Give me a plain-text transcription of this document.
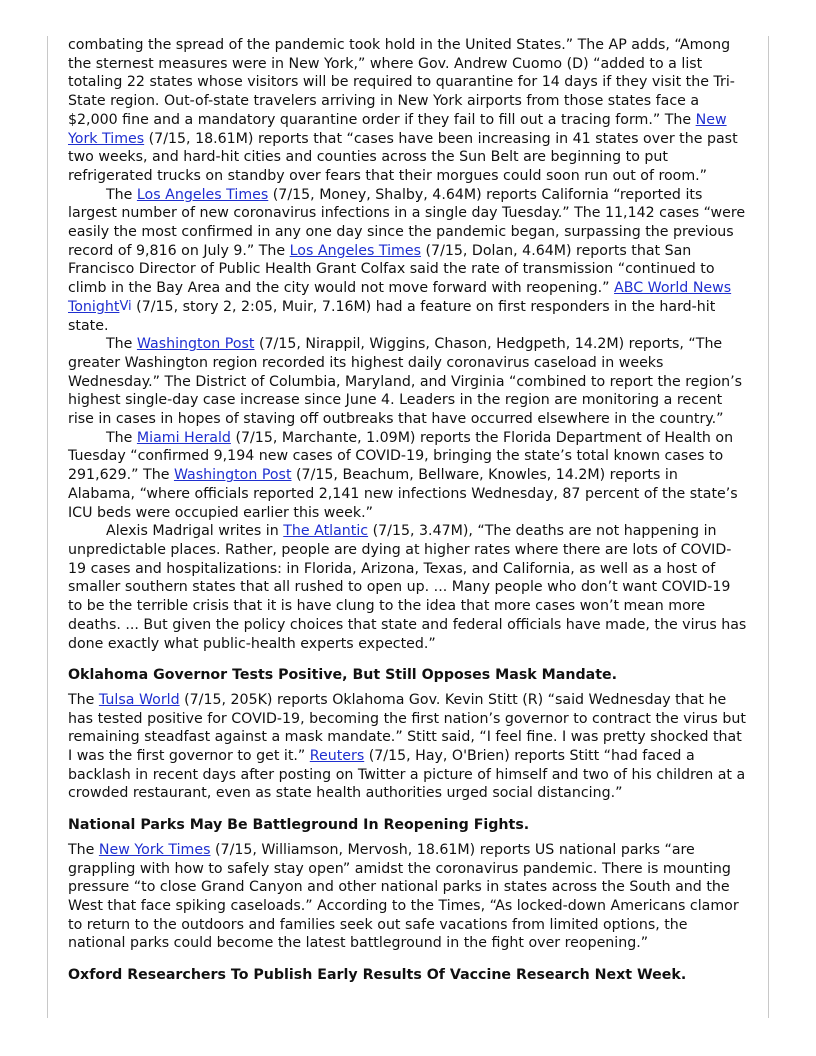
combating the spread of the pandemic took hold in the United States.” The AP adds, “Among the sternest measures were in New York,” where Gov. Andrew Cuomo (D) “added to a list totaling 22 states whose visitors will be required to quarantine for 14 days if they visit the Tri-State region. Out-of-state travelers arriving in New York airports from those states face a $2,000 fine and a mandatory quarantine order if they fail to fill out a tracing form.” The New York Times (7/15, 18.61M) reports that “cases have been increasing in 41 states over the past two weeks, and hard-hit cities and counties across the Sun Belt are beginning to put refrigerated trucks on standby over fears that their morgues could soon run out of room.”

The Los Angeles Times (7/15, Money, Shalby, 4.64M) reports California “reported its largest number of new coronavirus infections in a single day Tuesday.” The 11,142 cases “were easily the most confirmed in any one day since the pandemic began, surpassing the previous record of 9,816 on July 9.” The Los Angeles Times (7/15, Dolan, 4.64M) reports that San Francisco Director of Public Health Grant Colfax said the rate of transmission “continued to climb in the Bay Area and the city would not move forward with reopening.” ABC World News Tonight$^{Vi}$ (7/15, story 2, 2:05, Muir, 7.16M) had a feature on first responders in the hard-hit state.

The Washington Post (7/15, Nirappil, Wiggins, Chason, Hedgpeth, 14.2M) reports, “The greater Washington region recorded its highest daily coronavirus caseload in weeks Wednesday.” The District of Columbia, Maryland, and Virginia “combined to report the region’s highest single-day case increase since June 4. Leaders in the region are monitoring a recent rise in cases in hopes of staving off outbreaks that have occurred elsewhere in the country.”

The Miami Herald (7/15, Marchante, 1.09M) reports the Florida Department of Health on Tuesday “confirmed 9,194 new cases of COVID-19, bringing the state’s total known cases to 291,629.” The Washington Post (7/15, Beachum, Bellware, Knowles, 14.2M) reports in Alabama, “where officials reported 2,141 new infections Wednesday, 87 percent of the state’s ICU beds were occupied earlier this week.”

Alexis Madrigal writes in The Atlantic (7/15, 3.47M), “The deaths are not happening in unpredictable places. Rather, people are dying at higher rates where there are lots of COVID-19 cases and hospitalizations: in Florida, Arizona, Texas, and California, as well as a host of smaller southern states that all rushed to open up. ... Many people who don’t want COVID-19 to be the terrible crisis that it is have clung to the idea that more cases won’t mean more deaths. ... But given the policy choices that state and federal officials have made, the virus has done exactly what public-health experts expected.”

Oklahoma Governor Tests Positive, But Still Opposes Mask Mandate.

The Tulsa World (7/15, 205K) reports Oklahoma Gov. Kevin Stitt (R) “said Wednesday that he has tested positive for COVID-19, becoming the first nation’s governor to contract the virus but remaining steadfast against a mask mandate.” Stitt said, “I feel fine. I was pretty shocked that I was the first governor to get it.” Reuters (7/15, Hay, O'Brien) reports Stitt “had faced a backlash in recent days after posting on Twitter a picture of himself and two of his children at a crowded restaurant, even as state health authorities urged social distancing.”

National Parks May Be Battleground In Reopening Fights.

The New York Times (7/15, Williamson, Mervosh, 18.61M) reports US national parks “are grappling with how to safely stay open” amidst the coronavirus pandemic. There is mounting pressure “to close Grand Canyon and other national parks in states across the South and the West that face spiking caseloads.” According to the Times, “As locked-down Americans clamor to return to the outdoors and families seek out safe vacations from limited options, the national parks could become the latest battleground in the fight over reopening.”

Oxford Researchers To Publish Early Results Of Vaccine Research Next Week.
